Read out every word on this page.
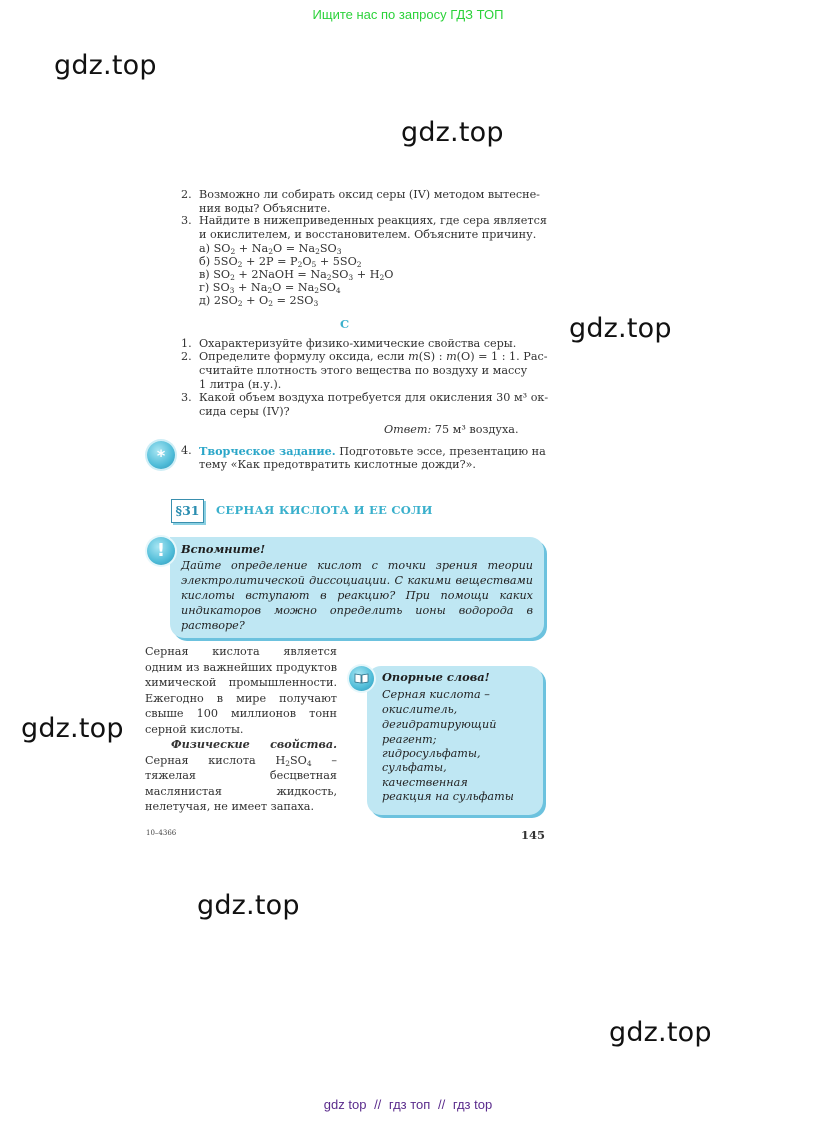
Ищите нас по запросу ГДЗ ТОП
gdz.top
gdz.top
gdz.top
gdz.top
gdz.top
gdz.top
2. Возможно ли собирать оксид серы (IV) методом вытесне-
ния воды? Объясните.
3. Найдите в нижеприведенных реакциях, где сера является
и окислителем, и восстановителем. Объясните причину.
а) $SO_2 + Na_2O = Na_2SO_3$
б) $5SO_2 + 2P = P_2O_5 + 5SO_2$
в) $SO_2$ + 2NaOH = $Na_2SO_3 + H_2O$
г) $SO_3 + Na_2O = Na_2SO_4$
д) $2SO_2 + O_2 = 2SO_3$
C
1. Охарактеризуйте физико-химические свойства серы.
2. Определите формулу оксида, если m(S) : m(O) = 1 : 1. Рас-
считайте плотность этого вещества по воздуху и массу
1 литра (н.у.).
3. Какой объем воздуха потребуется для окисления 30 м³ ок-
сида серы (IV)?
Ответ: 75 м³ воздуха.
*	4. Творческое задание. Подготовьте эссе, презентацию на
тему «Как предотвратить кислотные дожди?».
§31	СЕРНАЯ КИСЛОТА И ЕЕ СОЛИ
!	Вспомните!
Дайте определение кислот с точки зрения теории электролитической диссоциации. С какими веществами кислоты вступают в реакцию? При помощи каких индикаторов можно определить ионы водорода в растворе?
Серная кислота является одним из важнейших продуктов химической промышленности. Ежегодно в мире получают свыше 100 миллионов тонн серной кислоты.
Физические свойства. Серная кислота $H_2SO_4$ – тяжелая бесцветная маслянистая жидкость, нелетучая, не имеет запаха.
Опорные слова!
Серная кислота –
окислитель,
дегидратирующий
реагент;
гидросульфаты,
сульфаты,
качественная
реакция на сульфаты
10–4366	145
gdz top // гдз топ // гдз top
